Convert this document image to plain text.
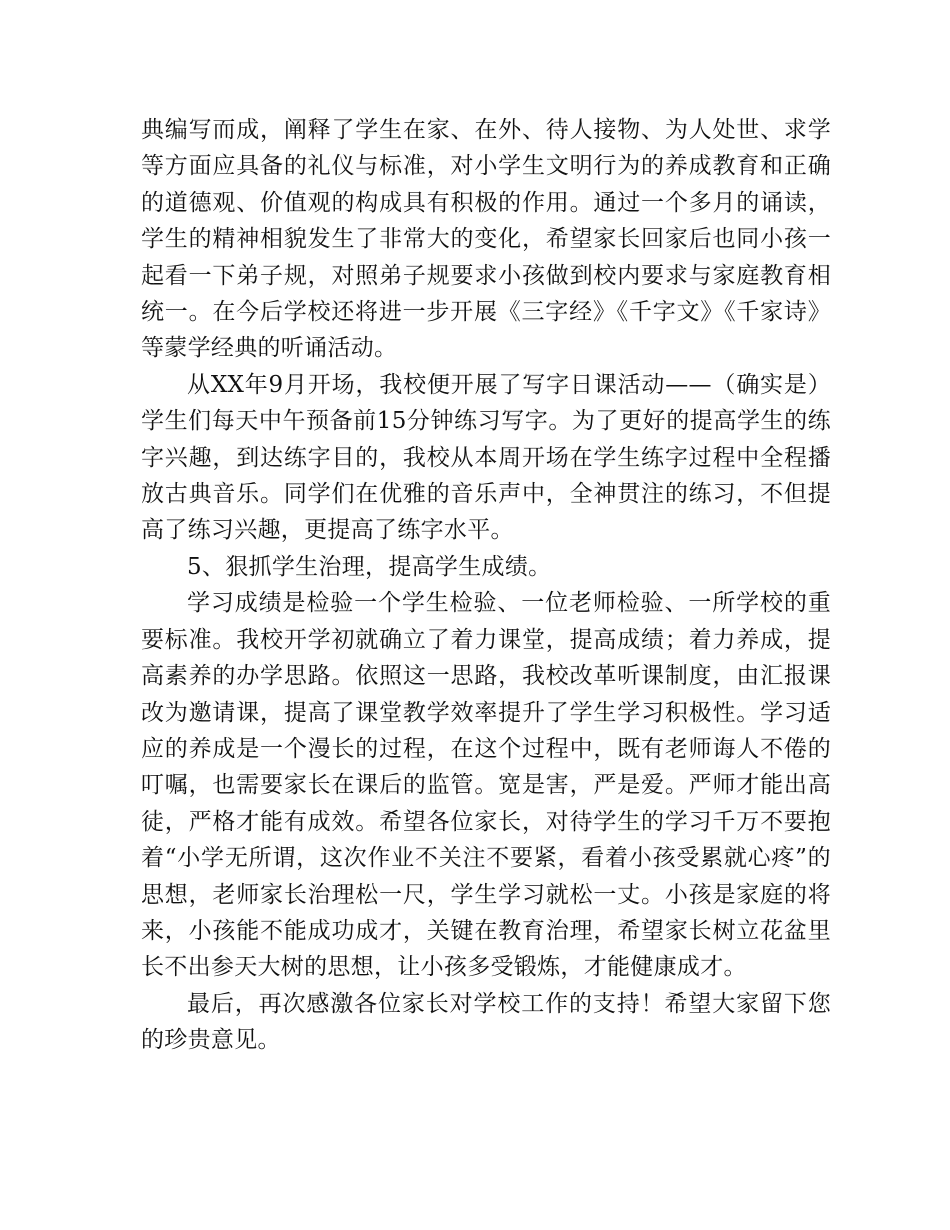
典编写而成，阐释了学生在家、在外、待人接物、为人处世、求学等方面应具备的礼仪与标准，对小学生文明行为的养成教育和正确的道德观、价值观的构成具有积极的作用。通过一个多月的诵读，学生的精神相貌发生了非常大的变化，希望家长回家后也同小孩一起看一下弟子规，对照弟子规要求小孩做到校内要求与家庭教育相统一。在今后学校还将进一步开展《三字经》《千字文》《千家诗》等蒙学经典的听诵活动。

从XX年9月开场，我校便开展了写字日课活动——（确实是）学生们每天中午预备前15分钟练习写字。为了更好的提高学生的练字兴趣，到达练字目的，我校从本周开场在学生练字过程中全程播放古典音乐。同学们在优雅的音乐声中，全神贯注的练习，不但提高了练习兴趣，更提高了练字水平。

5、狠抓学生治理，提高学生成绩。

学习成绩是检验一个学生检验、一位老师检验、一所学校的重要标准。我校开学初就确立了着力课堂，提高成绩；着力养成，提高素养的办学思路。依照这一思路，我校改革听课制度，由汇报课改为邀请课，提高了课堂教学效率提升了学生学习积极性。学习适应的养成是一个漫长的过程，在这个过程中，既有老师诲人不倦的叮嘱，也需要家长在课后的监管。宽是害，严是爱。严师才能出高徒，严格才能有成效。希望各位家长，对待学生的学习千万不要抱着“小学无所谓，这次作业不关注不要紧，看着小孩受累就心疼”的思想，老师家长治理松一尺，学生学习就松一丈。小孩是家庭的将来，小孩能不能成功成才，关键在教育治理，希望家长树立花盆里长不出参天大树的思想，让小孩多受锻炼，才能健康成才。

最后，再次感激各位家长对学校工作的支持！希望大家留下您的珍贵意见。
